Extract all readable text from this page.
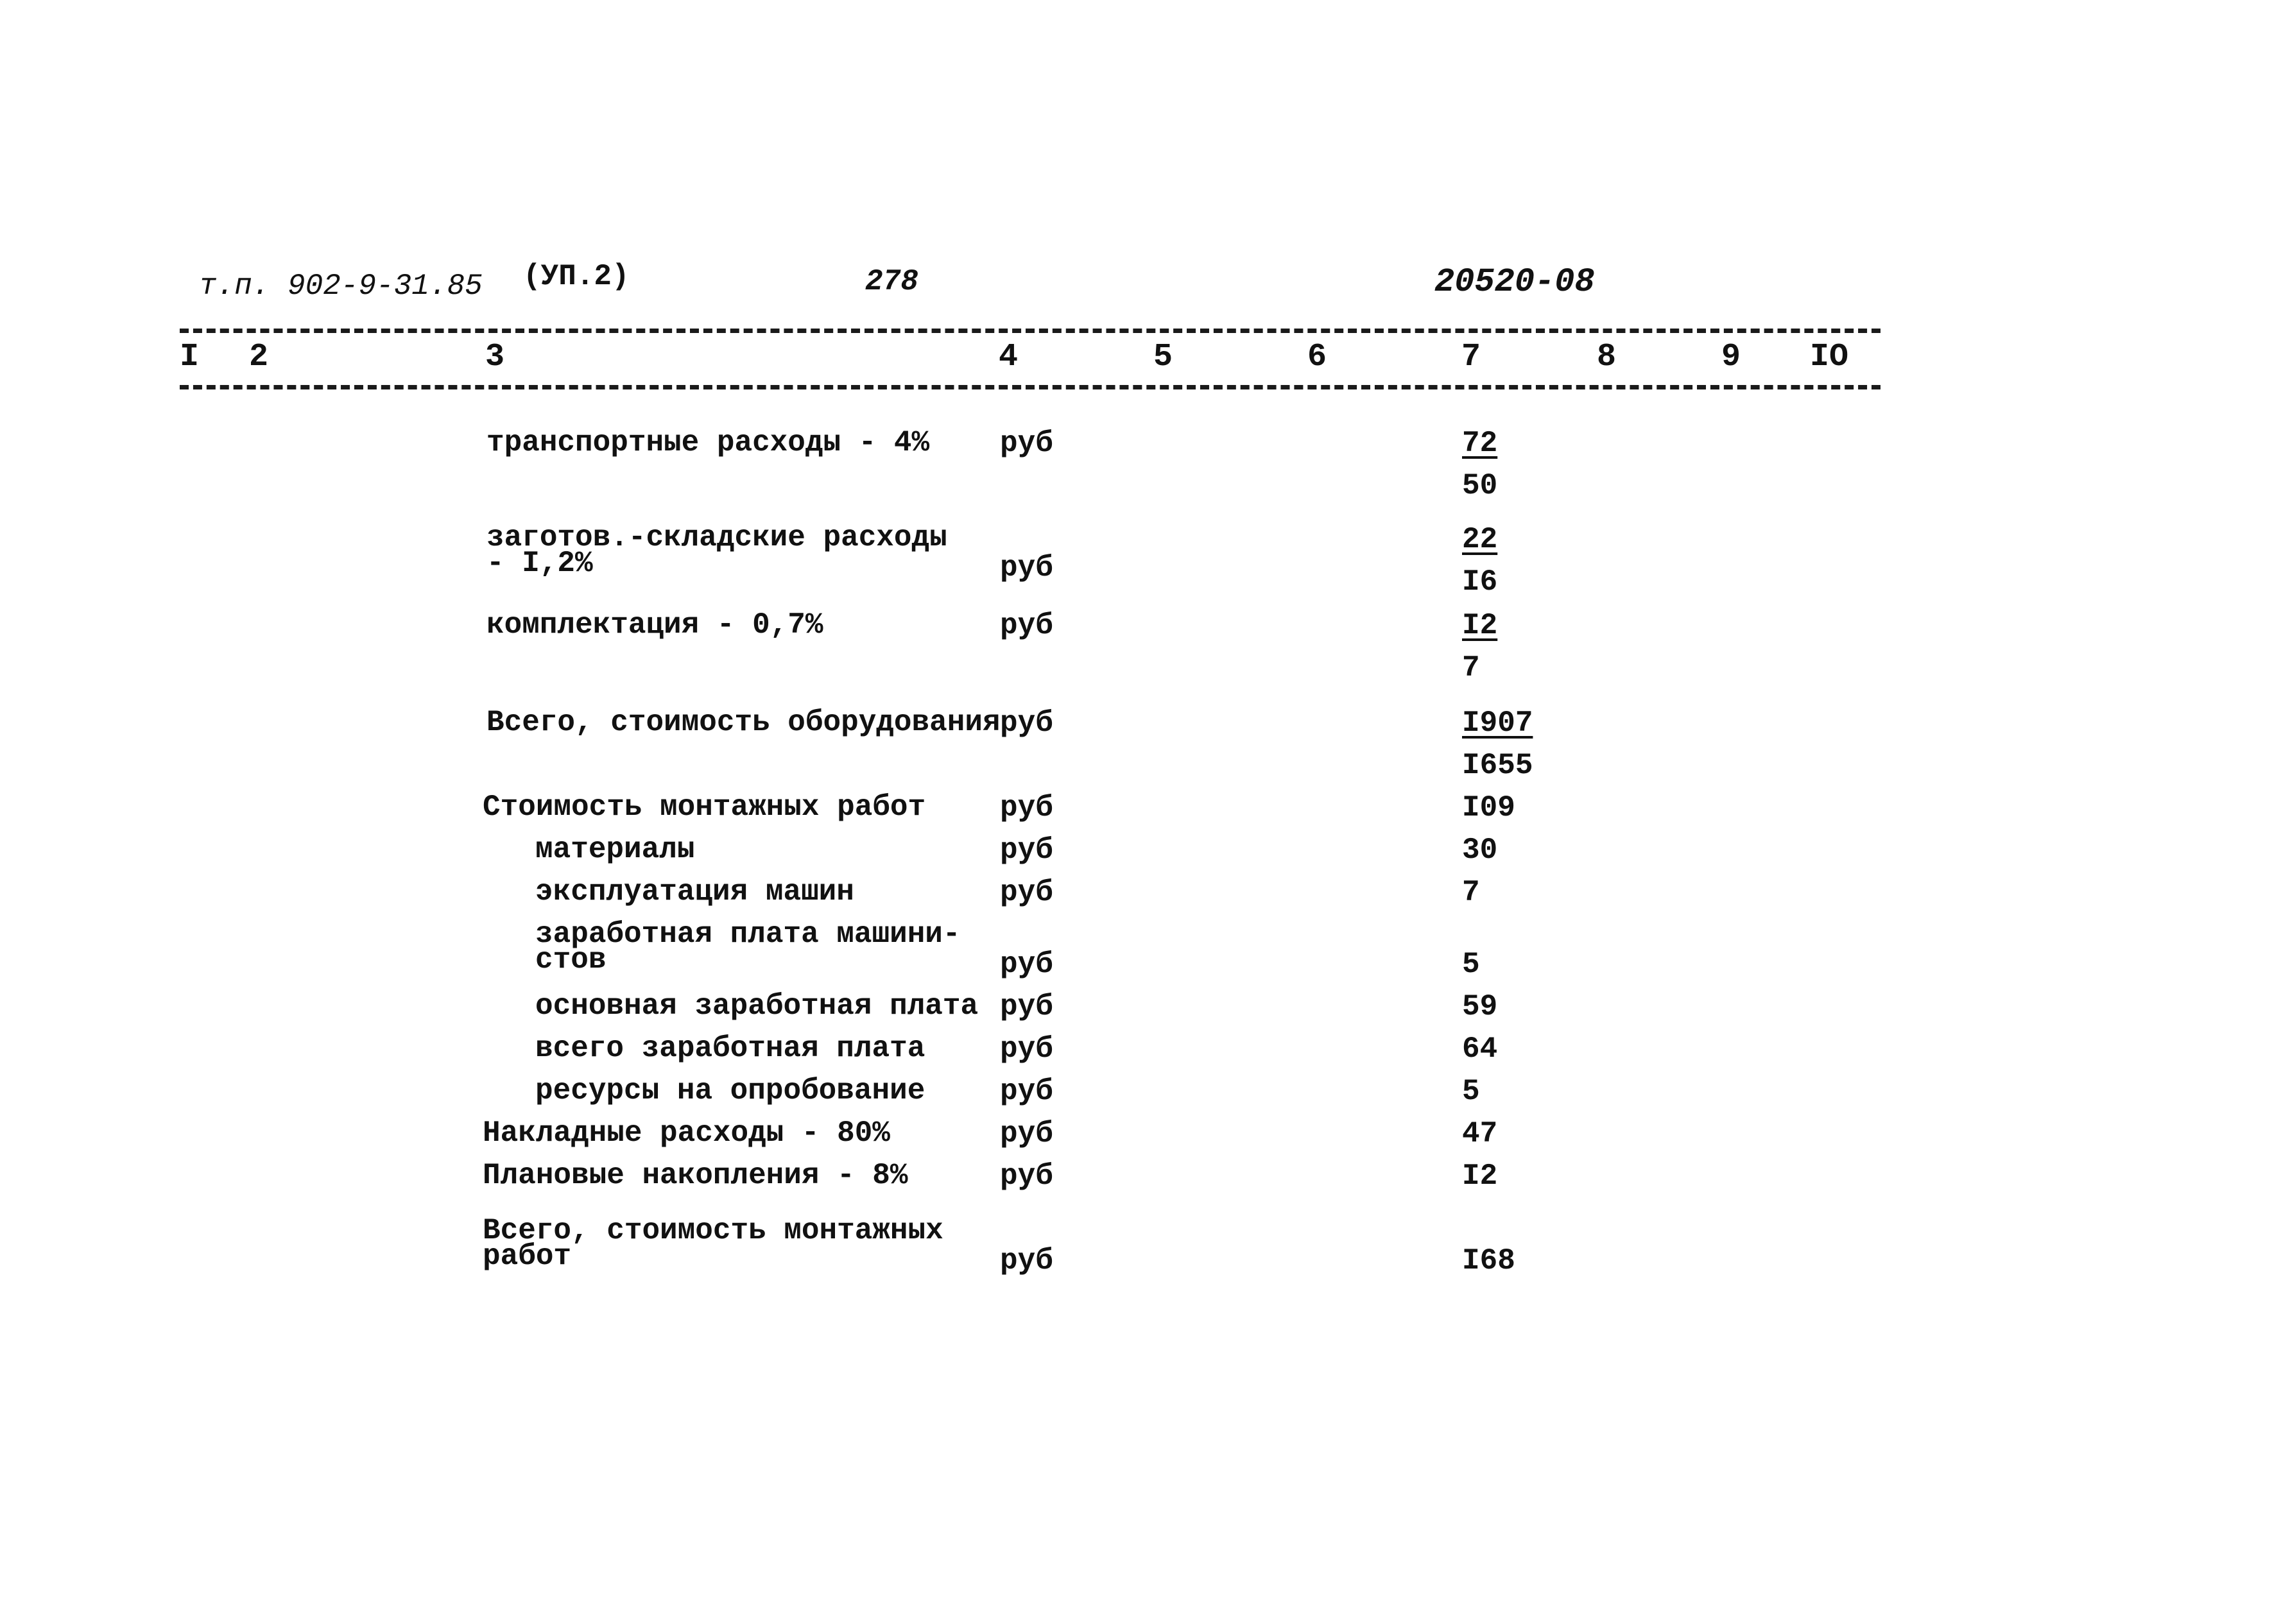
т.п. 902-9-31.85 (УП.2)	278	20520-08
I 2	3	4	5	6	7	8	9 IO
транспортные расходы - 4% руб	$\frac{72}{50}$
заготов.-складские расходы
- I,2%	руб	$\frac{22}{I6}$
комплектация - 0,7%	руб	$\frac{I2}{7}$
Всего, стоимость оборудования руб	$\frac{I907}{I655}$
Стоимость монтажных работ	руб	I09
материалы	руб	30
эксплуатация машин	руб	7
заработная плата машини-
стов	руб	5
основная заработная плата руб	59
всего заработная плата	руб	64
ресурсы на опробование	руб	5
Накладные расходы - 80%	руб	47
Плановые накопления - 8%	руб	I2
Всего, стоимость монтажных
работ	руб	I68
